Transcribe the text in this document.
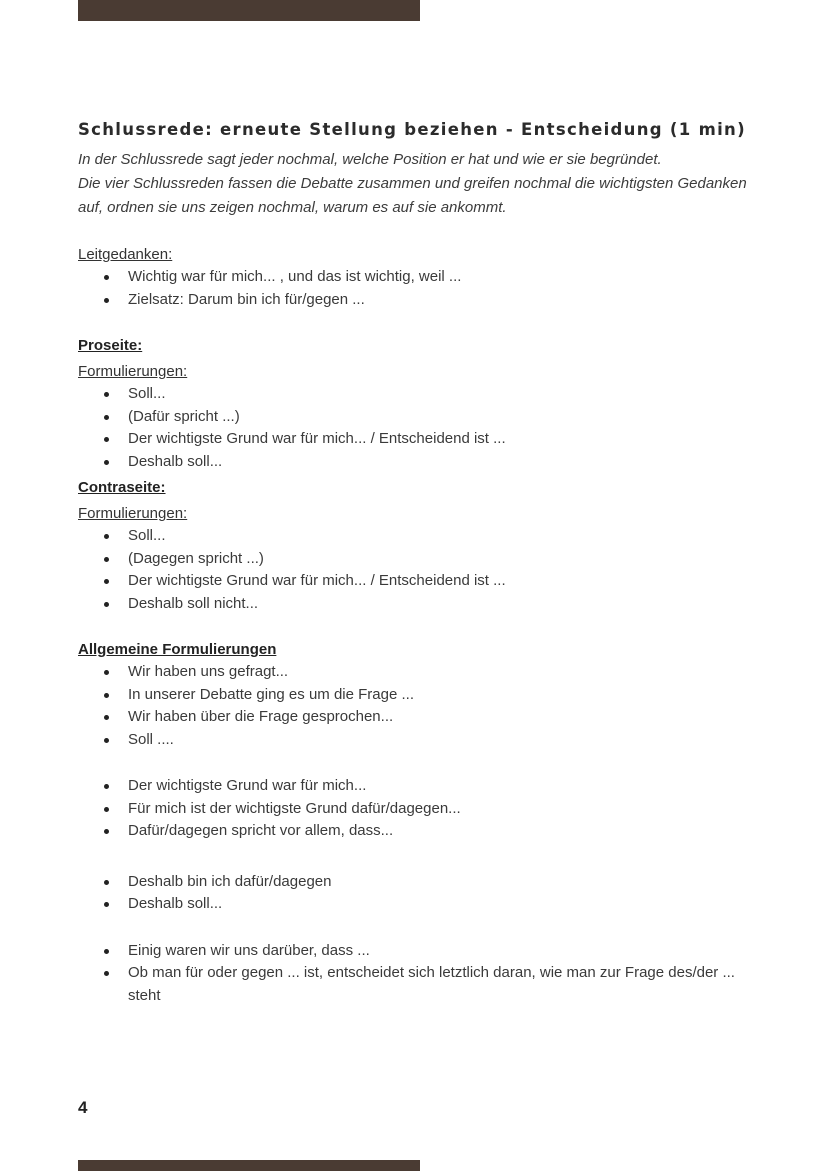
Schlussrede: erneute Stellung beziehen - Entscheidung (1 min)

In der Schlussrede sagt jeder nochmal, welche Position er hat und wie er sie begründet.

Die vier Schlussreden fassen die Debatte zusammen und greifen nochmal die wichtigsten Gedanken auf, ordnen sie uns zeigen nochmal, warum es auf sie ankommt.

Leitgedanken:
Wichtig war für mich... , und das ist wichtig, weil ...
Zielsatz: Darum bin ich für/gegen ...
Proseite:
Formulierungen:
Soll...
(Dafür spricht ...)
Der wichtigste Grund war für mich... / Entscheidend ist ...
Deshalb soll...
Contraseite:
Formulierungen:
Soll...
(Dagegen spricht ...)
Der wichtigste Grund war für mich... / Entscheidend ist ...
Deshalb soll nicht...
Allgemeine Formulierungen
Wir haben uns gefragt...
In unserer Debatte ging es um die Frage ...
Wir haben über die Frage gesprochen...
Soll ....
Der wichtigste Grund war für mich...
Für mich ist der wichtigste Grund dafür/dagegen...
Dafür/dagegen spricht vor allem, dass...
Deshalb bin ich dafür/dagegen
Deshalb soll...
Einig waren wir uns darüber, dass ...
Ob man für oder gegen ... ist, entscheidet sich letztlich daran, wie man zur Frage des/der ... steht
4
